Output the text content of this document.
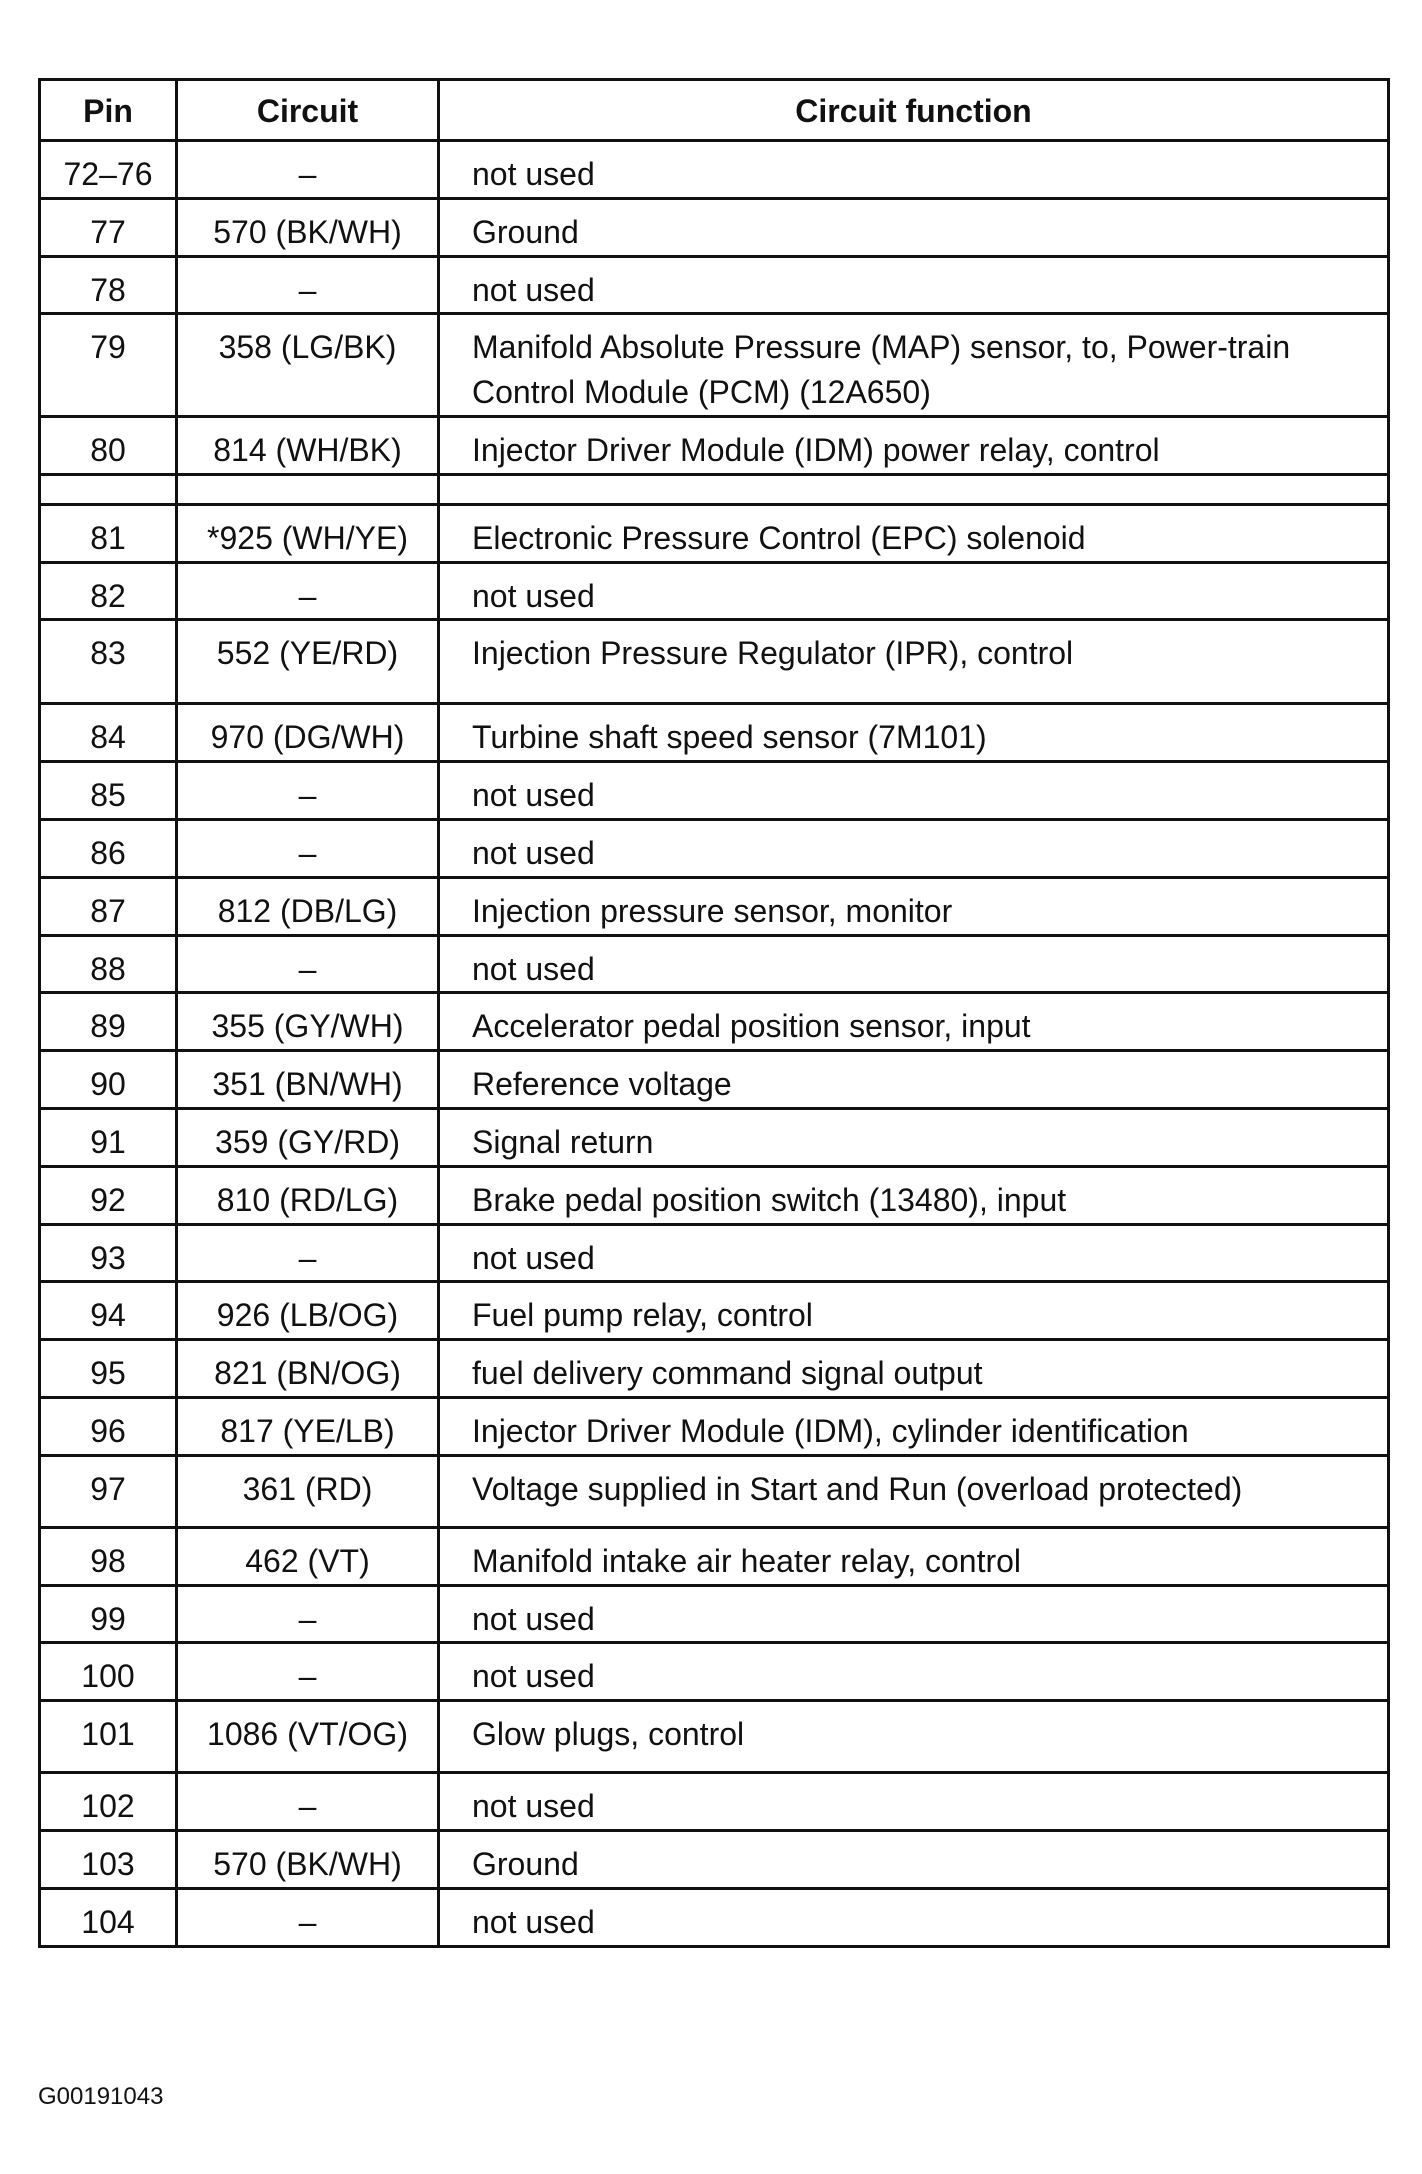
Pin	Circuit	Circuit function
72–76	–	not used
77	570 (BK/WH)	Ground
78	–	not used
79	358 (LG/BK)	Manifold Absolute Pressure (MAP) sensor, to, Power-train Control Module (PCM) (12A650)
80	814 (WH/BK)	Injector Driver Module (IDM) power relay, control

81	*925 (WH/YE)	Electronic Pressure Control (EPC) solenoid
82	–	not used
83	552 (YE/RD)	Injection Pressure Regulator (IPR), control
84	970 (DG/WH)	Turbine shaft speed sensor (7M101)
85	–	not used
86	–	not used
87	812 (DB/LG)	Injection pressure sensor, monitor
88	–	not used
89	355 (GY/WH)	Accelerator pedal position sensor, input
90	351 (BN/WH)	Reference voltage
91	359 (GY/RD)	Signal return
92	810 (RD/LG)	Brake pedal position switch (13480), input
93	–	not used
94	926 (LB/OG)	Fuel pump relay, control
95	821 (BN/OG)	fuel delivery command signal output
96	817 (YE/LB)	Injector Driver Module (IDM), cylinder identification
97	361 (RD)	Voltage supplied in Start and Run (overload protected)
98	462 (VT)	Manifold intake air heater relay, control
99	–	not used
100	–	not used
101	1086 (VT/OG)	Glow plugs, control
102	–	not used
103	570 (BK/WH)	Ground
104	–	not used
G00191043
